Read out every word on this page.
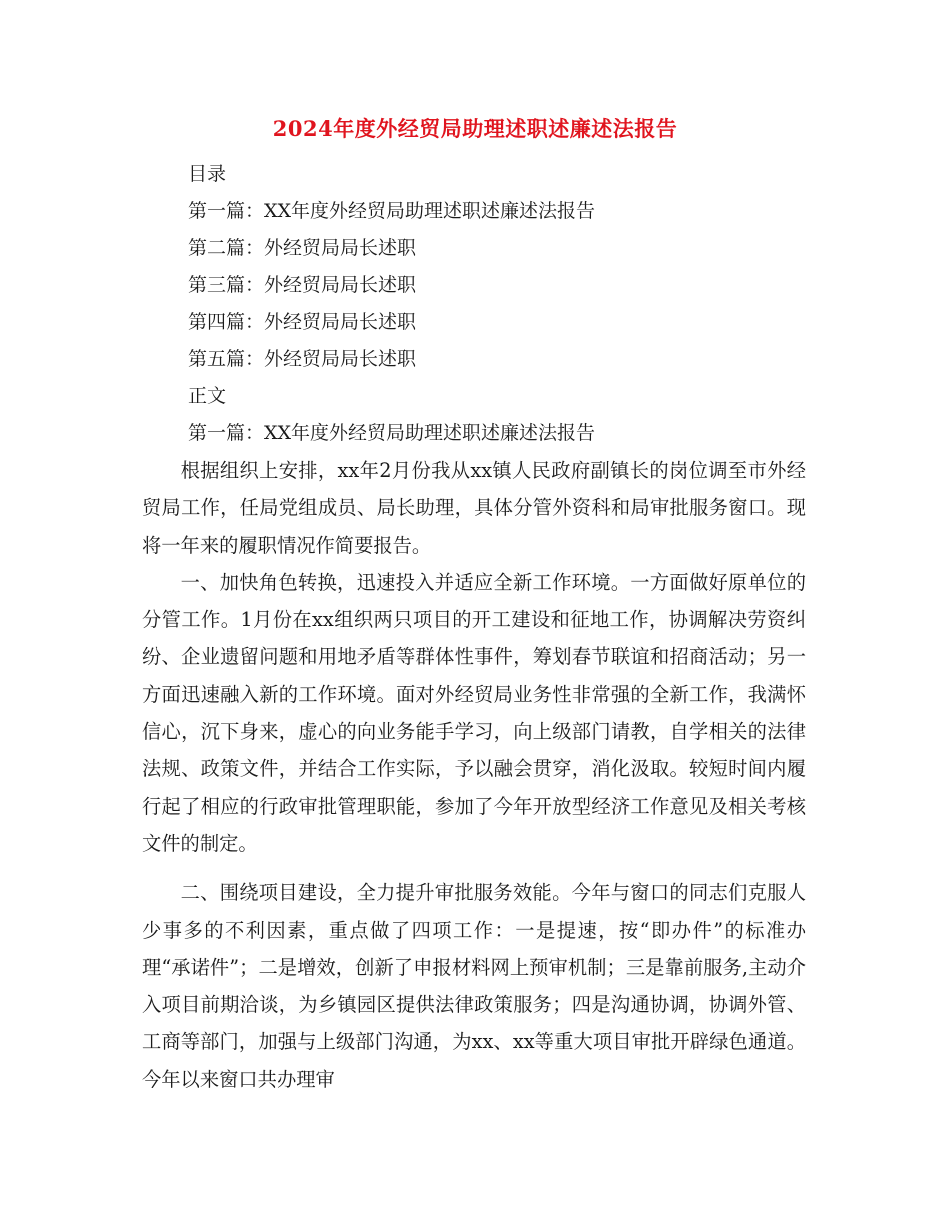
2024年度外经贸局助理述职述廉述法报告
目录
第一篇：XX年度外经贸局助理述职述廉述法报告
第二篇：外经贸局局长述职
第三篇：外经贸局局长述职
第四篇：外经贸局局长述职
第五篇：外经贸局局长述职
正文
第一篇：XX年度外经贸局助理述职述廉述法报告

根据组织上安排，xx年2月份我从xx镇人民政府副镇长的岗位调至市外经贸局工作，任局党组成员、局长助理，具体分管外资科和局审批服务窗口。现将一年来的履职情况作简要报告。

一、加快角色转换，迅速投入并适应全新工作环境。一方面做好原单位的分管工作。1月份在xx组织两只项目的开工建设和征地工作，协调解决劳资纠纷、企业遗留问题和用地矛盾等群体性事件，筹划春节联谊和招商活动；另一方面迅速融入新的工作环境。面对外经贸局业务性非常强的全新工作，我满怀信心，沉下身来，虚心的向业务能手学习，向上级部门请教，自学相关的法律法规、政策文件，并结合工作实际，予以融会贯穿，消化汲取。较短时间内履行起了相应的行政审批管理职能，参加了今年开放型经济工作意见及相关考核文件的制定。

二、围绕项目建设，全力提升审批服务效能。今年与窗口的同志们克服人少事多的不利因素，重点做了四项工作：一是提速，按“即办件”的标准办理“承诺件”；二是增效，创新了申报材料网上预审机制；三是靠前服务,主动介入项目前期洽谈，为乡镇园区提供法律政策服务；四是沟通协调，协调外管、工商等部门，加强与上级部门沟通，为xx、xx等重大项目审批开辟绿色通道。今年以来窗口共办理审
